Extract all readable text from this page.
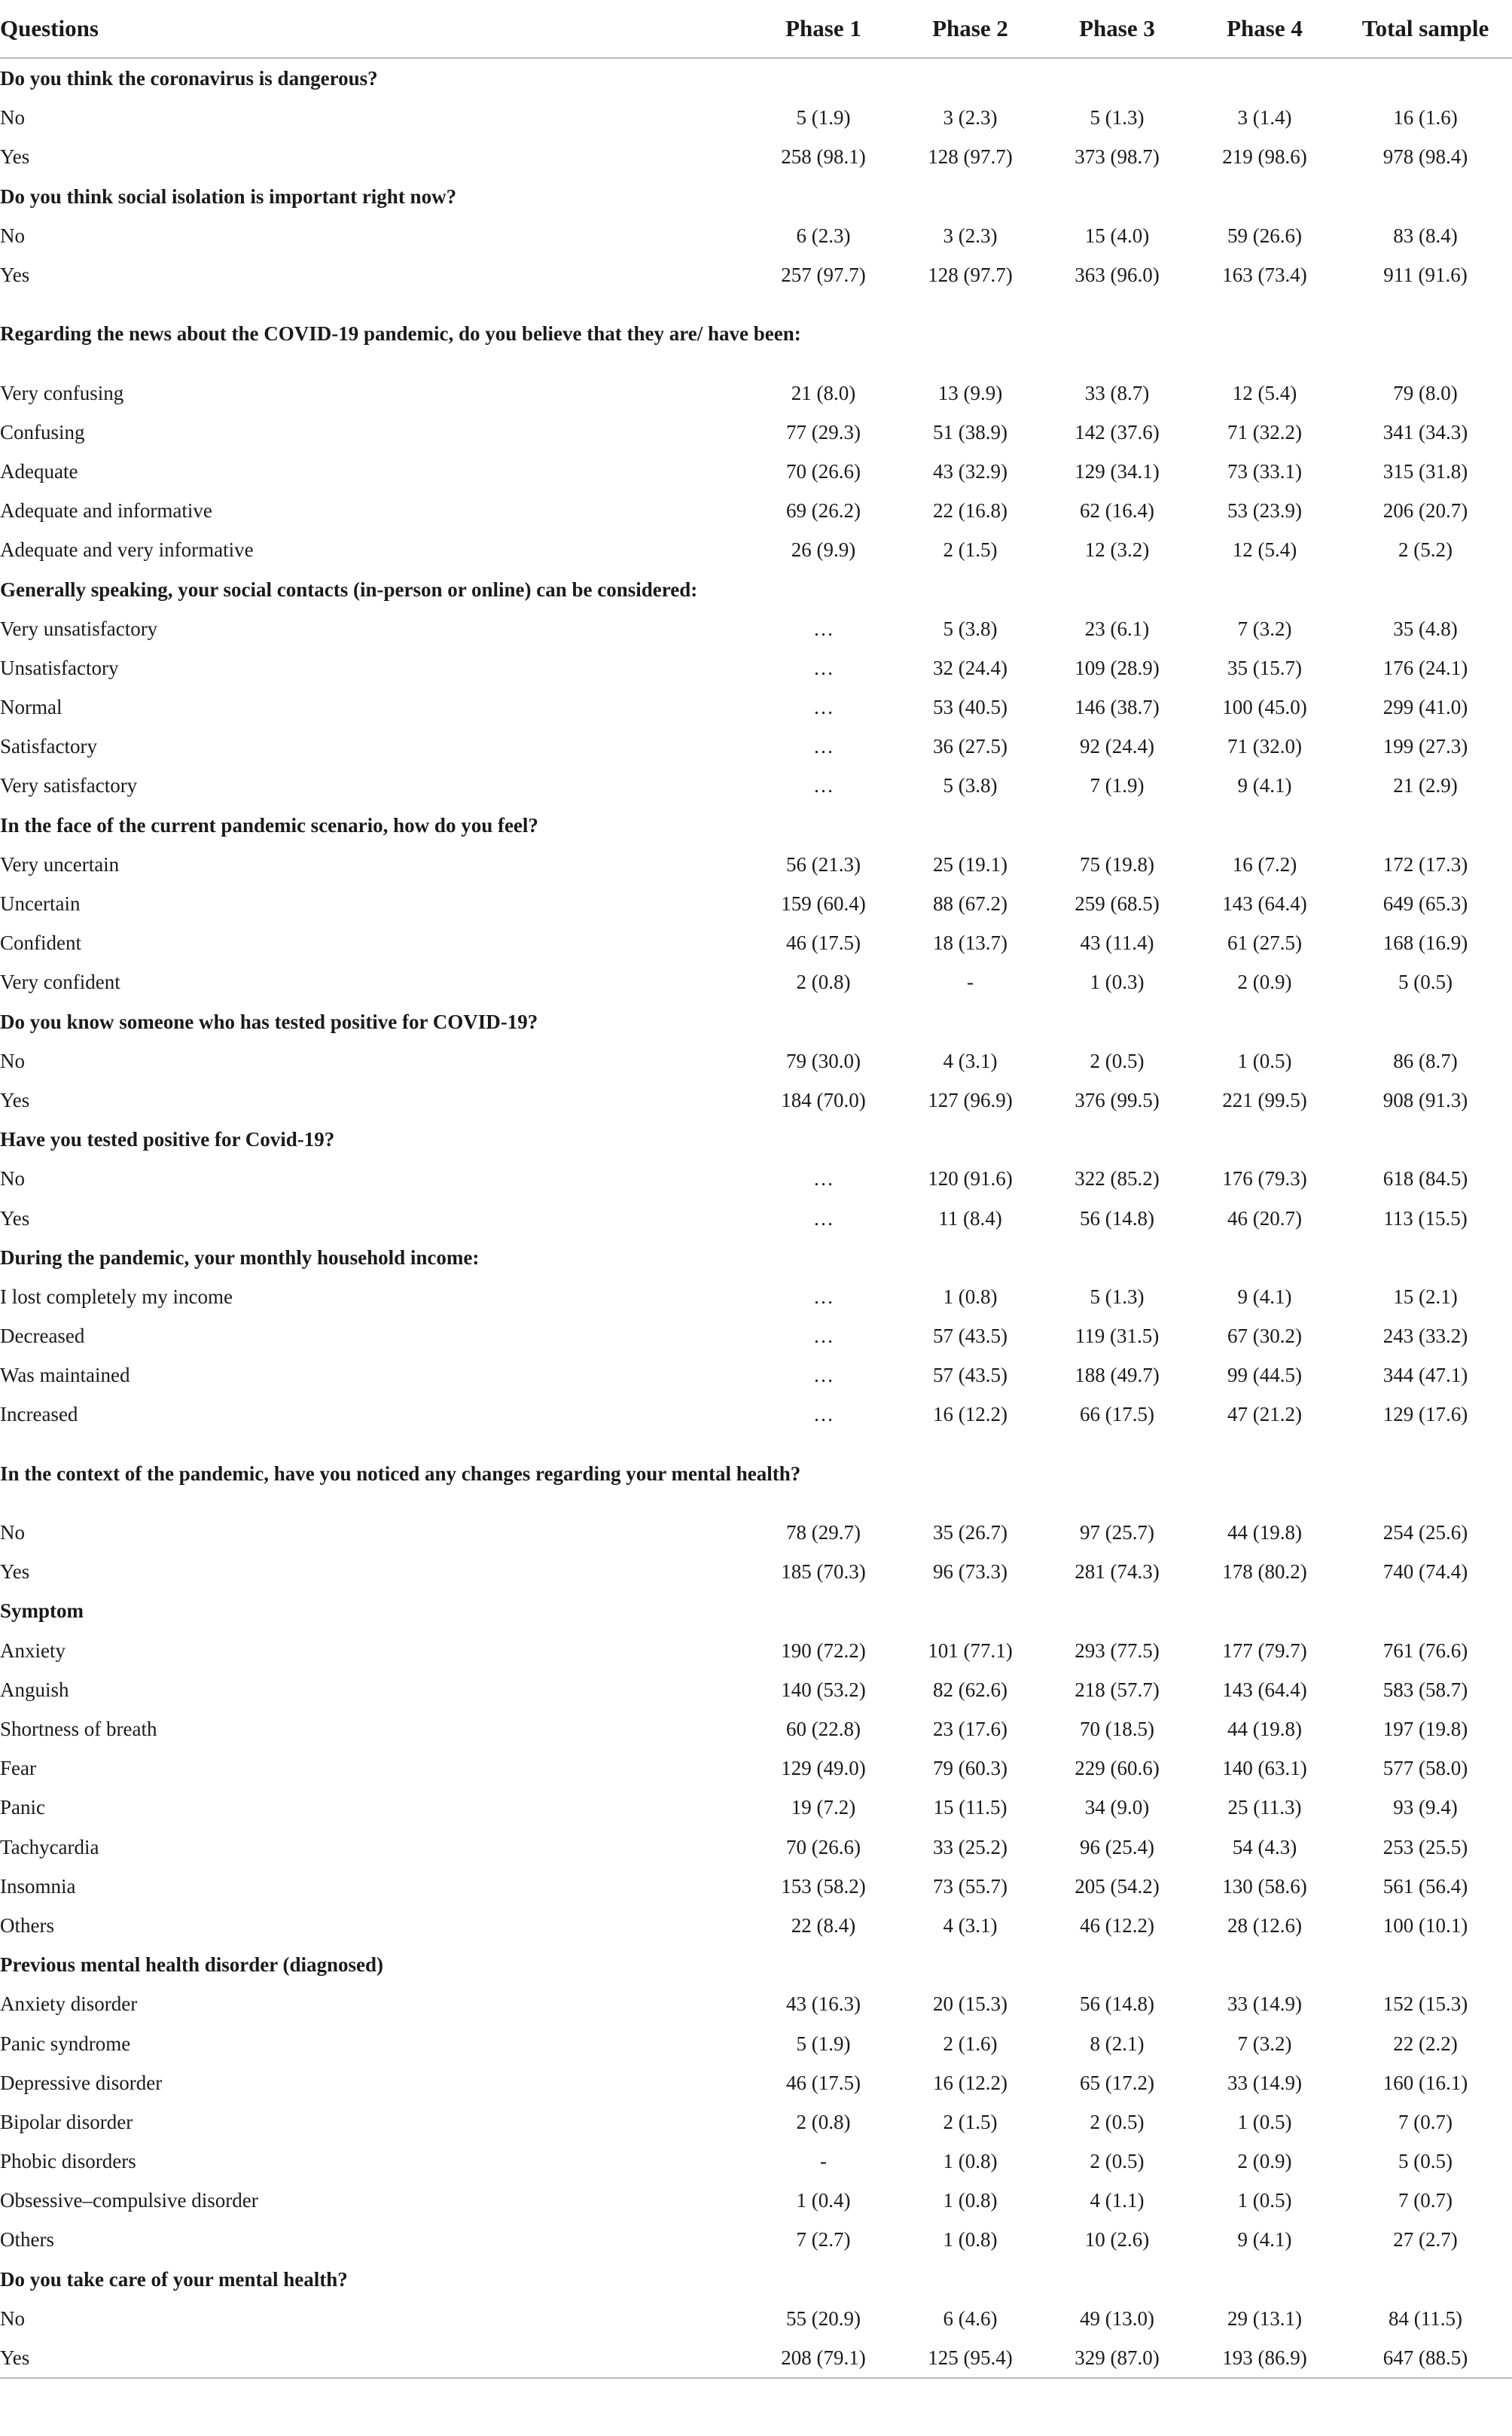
Questions	Phase 1	Phase 2	Phase 3	Phase 4	Total sample
Do you think the coronavirus is dangerous?					
No	5 (1.9)	3 (2.3)	5 (1.3)	3 (1.4)	16 (1.6)
Yes	258 (98.1)	128 (97.7)	373 (98.7)	219 (98.6)	978 (98.4)
Do you think social isolation is important right now?					
No	6 (2.3)	3 (2.3)	15 (4.0)	59 (26.6)	83 (8.4)
Yes	257 (97.7)	128 (97.7)	363 (96.0)	163 (73.4)	911 (91.6)
Regarding the news about the COVID-19 pandemic, do you believe that they are/ have been:					
Very confusing	21 (8.0)	13 (9.9)	33 (8.7)	12 (5.4)	79 (8.0)
Confusing	77 (29.3)	51 (38.9)	142 (37.6)	71 (32.2)	341 (34.3)
Adequate	70 (26.6)	43 (32.9)	129 (34.1)	73 (33.1)	315 (31.8)
Adequate and informative	69 (26.2)	22 (16.8)	62 (16.4)	53 (23.9)	206 (20.7)
Adequate and very informative	26 (9.9)	2 (1.5)	12 (3.2)	12 (5.4)	2 (5.2)
Generally speaking, your social contacts (in-person or online) can be considered:					
Very unsatisfactory	…	5 (3.8)	23 (6.1)	7 (3.2)	35 (4.8)
Unsatisfactory	…	32 (24.4)	109 (28.9)	35 (15.7)	176 (24.1)
Normal	…	53 (40.5)	146 (38.7)	100 (45.0)	299 (41.0)
Satisfactory	…	36 (27.5)	92 (24.4)	71 (32.0)	199 (27.3)
Very satisfactory	…	5 (3.8)	7 (1.9)	9 (4.1)	21 (2.9)
In the face of the current pandemic scenario, how do you feel?					
Very uncertain	56 (21.3)	25 (19.1)	75 (19.8)	16 (7.2)	172 (17.3)
Uncertain	159 (60.4)	88 (67.2)	259 (68.5)	143 (64.4)	649 (65.3)
Confident	46 (17.5)	18 (13.7)	43 (11.4)	61 (27.5)	168 (16.9)
Very confident	2 (0.8)	-	1 (0.3)	2 (0.9)	5 (0.5)
Do you know someone who has tested positive for COVID-19?					
No	79 (30.0)	4 (3.1)	2 (0.5)	1 (0.5)	86 (8.7)
Yes	184 (70.0)	127 (96.9)	376 (99.5)	221 (99.5)	908 (91.3)
Have you tested positive for Covid-19?					
No	…	120 (91.6)	322 (85.2)	176 (79.3)	618 (84.5)
Yes	…	11 (8.4)	56 (14.8)	46 (20.7)	113 (15.5)
During the pandemic, your monthly household income:					
I lost completely my income	…	1 (0.8)	5 (1.3)	9 (4.1)	15 (2.1)
Decreased	…	57 (43.5)	119 (31.5)	67 (30.2)	243 (33.2)
Was maintained	…	57 (43.5)	188 (49.7)	99 (44.5)	344 (47.1)
Increased	…	16 (12.2)	66 (17.5)	47 (21.2)	129 (17.6)
In the context of the pandemic, have you noticed any changes regarding your mental health?					
No	78 (29.7)	35 (26.7)	97 (25.7)	44 (19.8)	254 (25.6)
Yes	185 (70.3)	96 (73.3)	281 (74.3)	178 (80.2)	740 (74.4)
Symptom					
Anxiety	190 (72.2)	101 (77.1)	293 (77.5)	177 (79.7)	761 (76.6)
Anguish	140 (53.2)	82 (62.6)	218 (57.7)	143 (64.4)	583 (58.7)
Shortness of breath	60 (22.8)	23 (17.6)	70 (18.5)	44 (19.8)	197 (19.8)
Fear	129 (49.0)	79 (60.3)	229 (60.6)	140 (63.1)	577 (58.0)
Panic	19 (7.2)	15 (11.5)	34 (9.0)	25 (11.3)	93 (9.4)
Tachycardia	70 (26.6)	33 (25.2)	96 (25.4)	54 (4.3)	253 (25.5)
Insomnia	153 (58.2)	73 (55.7)	205 (54.2)	130 (58.6)	561 (56.4)
Others	22 (8.4)	4 (3.1)	46 (12.2)	28 (12.6)	100 (10.1)
Previous mental health disorder (diagnosed)					
Anxiety disorder	43 (16.3)	20 (15.3)	56 (14.8)	33 (14.9)	152 (15.3)
Panic syndrome	5 (1.9)	2 (1.6)	8 (2.1)	7 (3.2)	22 (2.2)
Depressive disorder	46 (17.5)	16 (12.2)	65 (17.2)	33 (14.9)	160 (16.1)
Bipolar disorder	2 (0.8)	2 (1.5)	2 (0.5)	1 (0.5)	7 (0.7)
Phobic disorders	-	1 (0.8)	2 (0.5)	2 (0.9)	5 (0.5)
Obsessive–compulsive disorder	1 (0.4)	1 (0.8)	4 (1.1)	1 (0.5)	7 (0.7)
Others	7 (2.7)	1 (0.8)	10 (2.6)	9 (4.1)	27 (2.7)
Do you take care of your mental health?					
No	55 (20.9)	6 (4.6)	49 (13.0)	29 (13.1)	84 (11.5)
Yes	208 (79.1)	125 (95.4)	329 (87.0)	193 (86.9)	647 (88.5)
